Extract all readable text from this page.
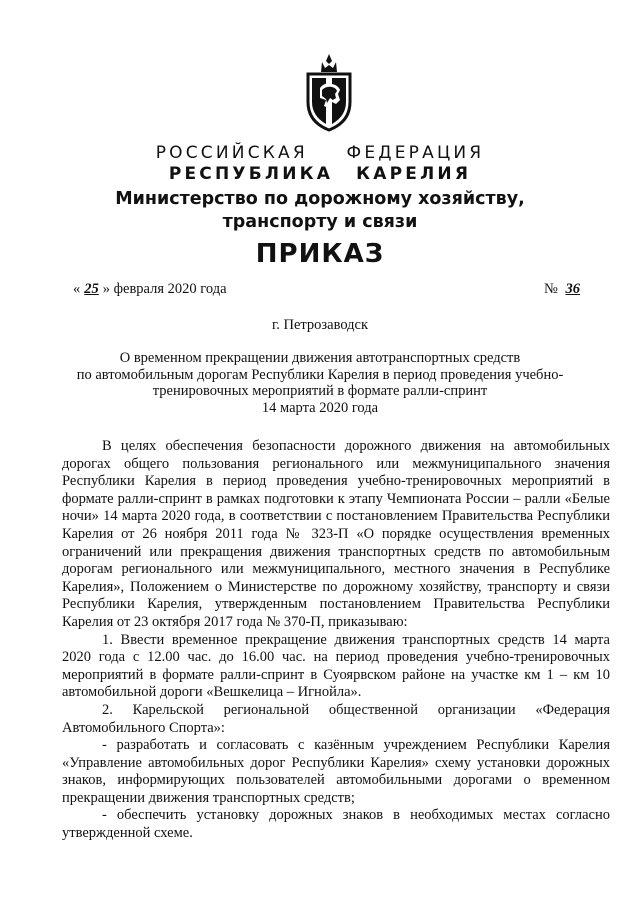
РОССИЙСКАЯ ФЕДЕРАЦИЯ
РЕСПУБЛИКА КАРЕЛИЯ
Министерство по дорожному хозяйству,
транспорту и связи
ПРИКАЗ
« 25 » февраля 2020 года	№ 36
г. Петрозаводск
О временном прекращении движения автотранспортных средств
по автомобильным дорогам Республики Карелия в период проведения учебно-
тренировочных мероприятий в формате ралли-спринт
14 марта 2020 года

В целях обеспечения безопасности дорожного движения на автомобильных дорогах общего пользования регионального или межмуниципального значения Республики Карелия в период проведения учебно-тренировочных мероприятий в формате ралли-спринт в рамках подготовки к этапу Чемпионата России – ралли «Белые ночи» 14 марта 2020 года, в соответствии с постановлением Правительства Республики Карелия от 26 ноября 2011 года № 323-П «О порядке осуществления временных ограничений или прекращения движения транспортных средств по автомобильным дорогам регионального или межмуниципального, местного значения в Республике Карелия», Положением о Министерстве по дорожному хозяйству, транспорту и связи Республики Карелия, утвержденным постановлением Правительства Республики Карелия от 23 октября 2017 года № 370-П, приказываю:

1. Ввести временное прекращение движения транспортных средств 14 марта 2020 года с 12.00 час. до 16.00 час. на период проведения учебно-тренировочных мероприятий в формате ралли-спринт в Суоярвском районе на участке км 1 – км 10 автомобильной дороги «Вешкелица – Игнойла».

2. Карельской региональной общественной организации «Федерация Автомобильного Спорта»:

- разработать и согласовать с казённым учреждением Республики Карелия «Управление автомобильных дорог Республики Карелия» схему установки дорожных знаков, информирующих пользователей автомобильными дорогами о временном прекращении движения транспортных средств;

- обеспечить установку дорожных знаков в необходимых местах согласно утвержденной схеме.
